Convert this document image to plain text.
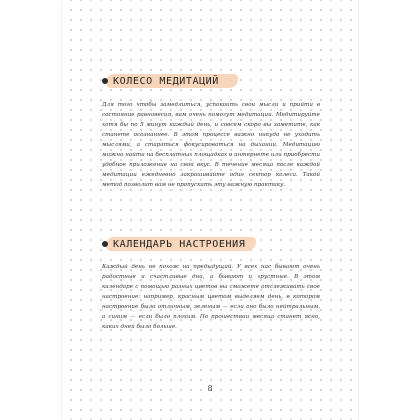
КОЛЕСО МЕДИТАЦИЙ

Для того чтобы замедлиться, успокоить свои мысли и прийти в состояние равновесия, вам очень помогут медитации. Медитируйте хотя бы по 5 минут каждый день, и совсем скоро вы заметите, как станете осознаннее. В этом процессе важно никуда не уходить мыслями, а стараться фокусироваться на дыхании. Медитацию можно найти на бесплатных площадках в интернете или приобрести удобное приложение на свой вкус. В течение месяца после каждой медитации ежедневно закрашивайте один сектор колеса. Такой метод позволит вам не пропускать эту важную практику.

КАЛЕНДАРЬ НАСТРОЕНИЯ

Каждый день не похож на предыдущий. У всех нас бывают очень радостные и счастливые дни, а бывают и грустные. В этом календаре с помощью разных цветов вы сможете отслеживать свое настроение: например, красным цветом выделяем день, в котором настроение было отличным, зеленым — если оно было нейтральным, а синим — если было плохим. По прошествии месяца станет ясно, каких дней было больше.

8
